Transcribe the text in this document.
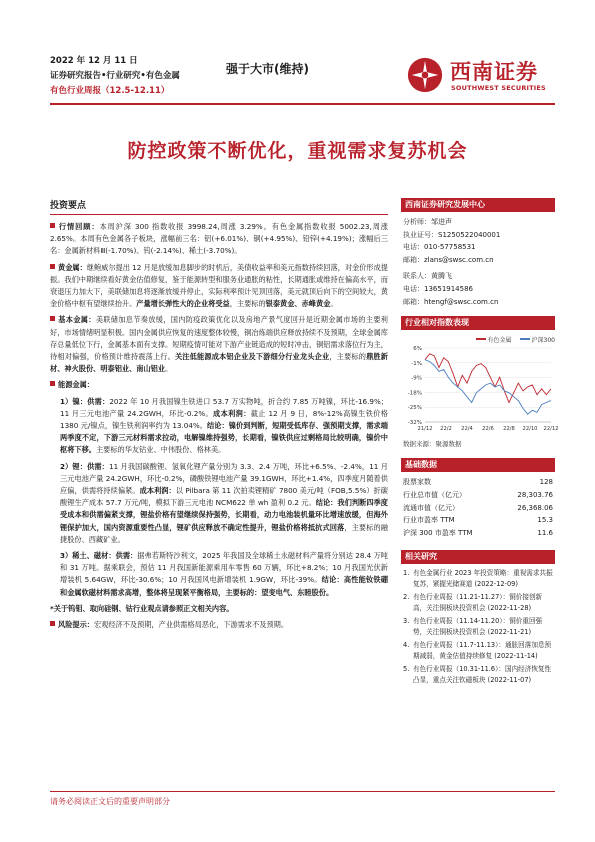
2022 年 12 月 11 日
证券研究报告•行业研究•有色金属
有色行业周报（12.5-12.11）
强于大市(维持)	西南证券
SOUTHWEST SECURITIES
防控政策不断优化，重视需求复苏机会
投资要点
行情回顾：本周沪深 300 指数收报 3998.24,周涨 3.29%。有色金属指数收报 5002.23,周涨 2.65%。本周有色金属各子板块，涨幅前三名：铝(+6.01%)、铜(+4.95%)、铅锌(+4.19%)；涨幅后三名：金属新材料Ⅲ(-1.70%)、钨(-2.14%)、稀土(-3.70%)。
黄金属：继鲍威尔提出 12 月是放缓加息脚步的时机后，美债收益率和美元指数持续回落，对金价形成提振。我们中期继续看好黄金估值修复，鉴于能源转型和服务业通胀的粘性，长期通胀或维持在偏高水平，而衰退压力加大下，美联储加息将逐渐放缓并停止，实际利率预计见顶回落，美元就顶后向下的空间较大，黄金价格中枢有望继续抬升。产量增长弹性大的企业将受益，主要标的银泰黄金、赤峰黄金。
基本金属：美联储加息节奏放缓，国内防疫政策优化以及房地产景气度回升是近期金属市场的主要利好，市场情绪明显积极。国内金属供应恢复的速度整体较慢，铜冶炼端供应释放持续不及预期，全球金属库存总量低位下行，金属基本面有支撑。短期疫情可能对下游产业链造成的短时冲击，铜铝需求落位行为主，待相对偏强，价格预计维持震荡上行。关注低能源成本铝企业及下游细分行业龙头企业，主要标的鼎胜新材、神火股份、明泰铝业、南山铝业。
能源金属：
1）镍：供需：2022 年 10 月我国镍生铁进口 53.7 万实物吨，折合约 7.85 万吨镍，环比-16.9%；11 月三元电池产量 24.2GWH，环比-0.2%。成本利润：截止 12 月 9 日，8%-12%高镍生铁价格 1380 元/镍点，镍生铁利润率约为 13.04%。结论：镍价到判断，短期受低库存、强预期支撑，需求端两季度不定，下游三元材料需求拉动，电解镍维持强势，长期看，镍铁供应过剩格局比较明确，镍价中枢将下移。主要标的华友钴业、中伟股份、格林美。
2）锂：供需：11 月我国碳酸锂、氢氧化锂产量分别为 3.3、2.4 万吨，环比+6.5%、-2.4%，11 月三元电池产量 24.2GWH，环比-0.2%，磷酸铁锂电池产量 39.1GWH，环比+1.4%，四季度月随着供应偏，供需将持续偏紧。成本利润：以 Pilbara 第 11 次拍卖锂精矿 7800 美元/吨（FOB,5.5%）折碳酸锂生产成本 57.7 万元/吨，模拟下游三元电池 NCM622 单 wh 盈利 0.2 元。结论：我们判断四季度受成本和供需偏紧支撑，锂盐价格有望继续保持强势，长期看，动力电池装机量环比增速放缓，但海外锂保护加大，国内资源重要性凸显，锂矿供应释放不确定性提升，锂盐价格将抵抗式回落，主要标的融捷股份、西藏矿业。
3）稀土、磁材：供需：据弗若斯特沙利文，2025 年我国及全球稀土永磁材料产量将分别达 28.4 万吨和 31 万吨。据乘联会，预估 11 月我国新能源乘用车零售 60 万辆，环比+8.2%；10 月我国光伏新增装机 5.64GW，环比-30.6%；10 月我国风电新增装机 1.9GW，环比-39%。结论：高性能钕铁硼和金属软磁材料需求高增，整体将呈现紧平衡格局，主要标的：望变电气、东睦股份。
*关于钨钼、取向硅钢、钴行业观点请参照正文相关内容。
风险提示：宏观经济不及预期，产业供需格局恶化，下游需求不及预期。
西南证券研究发展中心
分析师：邹进声
执业证号：S1250522040001
电话：010-57758531
邮箱：zlans@swsc.com.cn
联系人：黄腾飞
电话：13651914586
邮箱：htengf@swsc.com.cn
行业相对指数表现
有色金属	沪深300
6%
-1%
-9%
-18%
-25%
-32%
21/12 22/2 22/4 22/6 22/8 22/10 22/12
数据来源：聚源数据
基础数据
股票家数	128
行业总市值（亿元）	28,303.76
流通市值（亿元）	26,368.06
行业市盈率 TTM	15.3
沪深 300 市盈率 TTM	11.6
相关研究
1. 有色金属行业 2023 年投资策略：重视需求共振复苏，紧握光储赛道 (2022-12-09)
2. 有色行业周报（11.21-11.27）：铜价接创新高，关注铜板块投资机会 (2022-11-28)
3. 有色行业周报（11.14-11.20）：铜价重回强势，关注铜板块投资机会 (2022-11-21)
4. 有色行业周报（11.7-11.13）：通胀回落加息预期减弱，黄金估值持续修复 (2022-11-14)
5. 有色行业周报（10.31-11.6）：国内经济恢复性凸显，重点关注钦磁板块 (2022-11-07)
请务必阅读正文后的重要声明部分
